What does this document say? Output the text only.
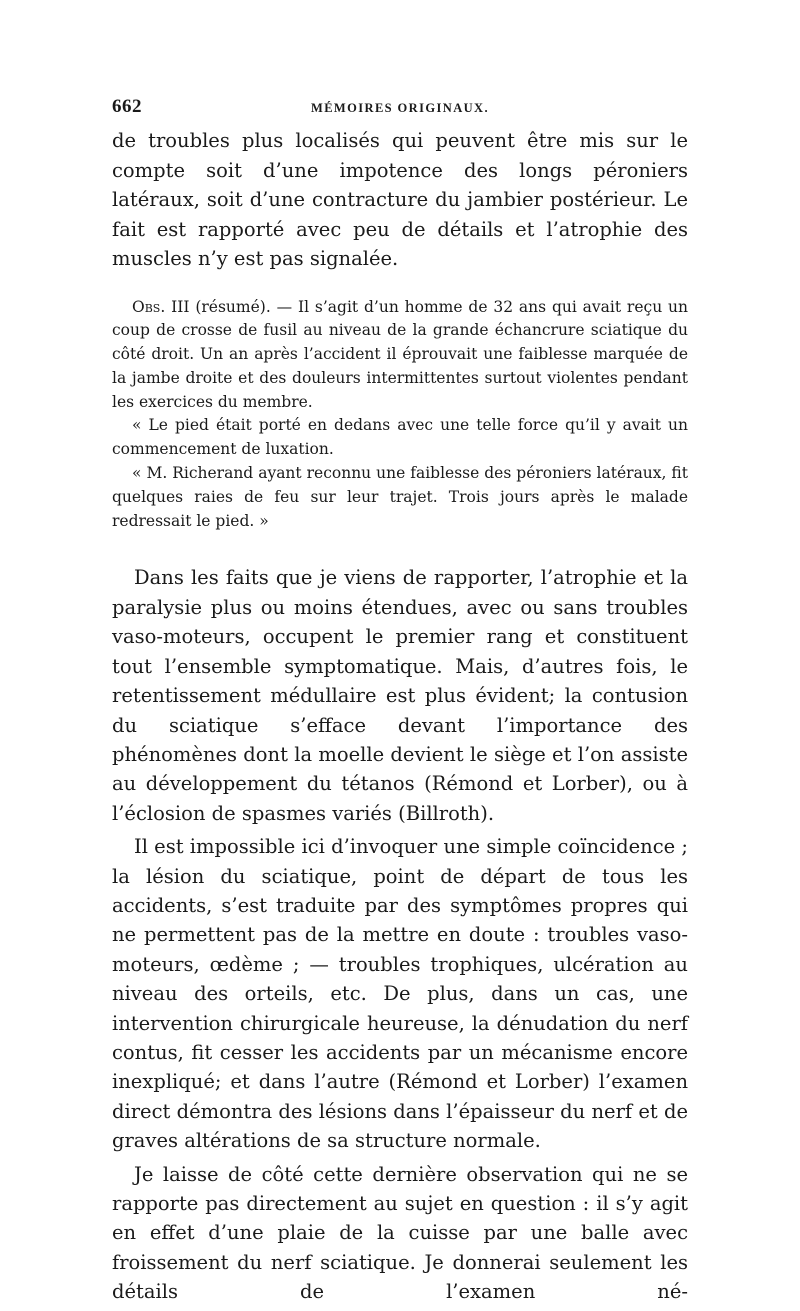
662	MÉMOIRES ORIGINAUX.

de troubles plus localisés qui peuvent être mis sur le compte soit d’une impotence des longs péroniers latéraux, soit d’une contracture du jambier postérieur. Le fait est rapporté avec peu de détails et l’atrophie des muscles n’y est pas signalée.

Obs. III (résumé). — Il s’agit d’un homme de 32 ans qui avait reçu un coup de crosse de fusil au niveau de la grande échancrure sciatique du côté droit. Un an après l’accident il éprouvait une faiblesse marquée de la jambe droite et des douleurs intermittentes surtout violentes pendant les exercices du membre.

« Le pied était porté en dedans avec une telle force qu’il y avait un commencement de luxation.

« M. Richerand ayant reconnu une faiblesse des péroniers latéraux, fit quelques raies de feu sur leur trajet. Trois jours après le malade redressait le pied. »

Dans les faits que je viens de rapporter, l’atrophie et la paralysie plus ou moins étendues, avec ou sans troubles vaso-moteurs, occupent le premier rang et constituent tout l’ensemble symptomatique. Mais, d’autres fois, le retentissement médullaire est plus évident; la contusion du sciatique s’efface devant l’importance des phénomènes dont la moelle devient le siège et l’on assiste au développement du tétanos (Rémond et Lorber), ou à l’éclosion de spasmes variés (Billroth).

Il est impossible ici d’invoquer une simple coïncidence ; la lésion du sciatique, point de départ de tous les accidents, s’est traduite par des symptômes propres qui ne permettent pas de la mettre en doute : troubles vaso-moteurs, œdème ; — troubles trophiques, ulcération au niveau des orteils, etc. De plus, dans un cas, une intervention chirurgicale heureuse, la dénudation du nerf contus, fit cesser les accidents par un mécanisme encore inexpliqué; et dans l’autre (Rémond et Lorber) l’examen direct démontra des lésions dans l’épaisseur du nerf et de graves altérations de sa structure normale.

Je laisse de côté cette dernière observation qui ne se rapporte pas directement au sujet en question : il s’y agit en effet d’une plaie de la cuisse par une balle avec froissement du nerf sciatique. Je donnerai seulement les détails de l’examen né-
